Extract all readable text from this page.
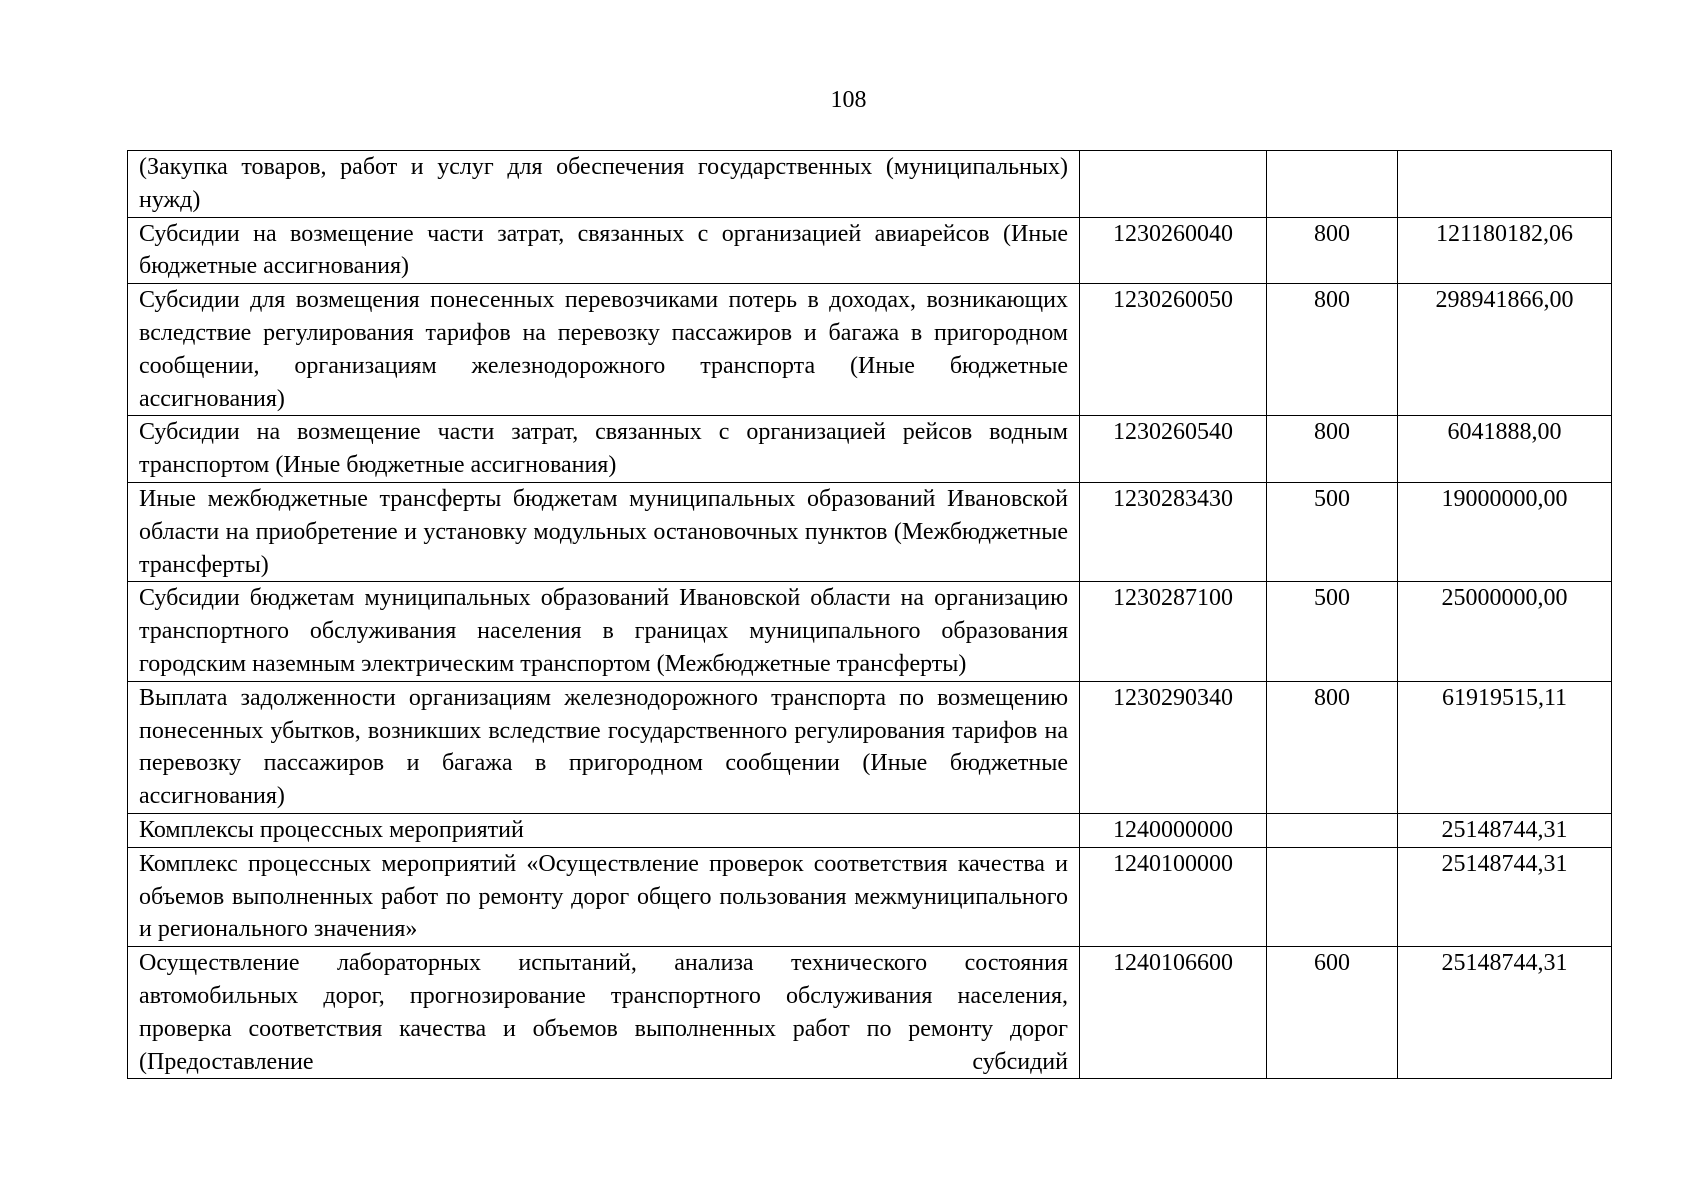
108
(Закупка товаров, работ и услуг для обеспечения государственных (муниципальных) нужд)			
Субсидии на возмещение части затрат, связанных с организацией авиарейсов (Иные бюджетные ассигнования)	1230260040	800	121180182,06
Субсидии для возмещения понесенных перевозчиками потерь в доходах, возникающих вследствие регулирования тарифов на перевозку пассажиров и багажа в пригородном сообщении, организациям железнодорожного транспорта (Иные бюджетные ассигнования)	1230260050	800	298941866,00
Субсидии на возмещение части затрат, связанных с организацией рейсов водным транспортом (Иные бюджетные ассигнования)	1230260540	800	6041888,00
Иные межбюджетные трансферты бюджетам муниципальных образований Ивановской области на приобретение и установку модульных остановочных пунктов (Межбюджетные трансферты)	1230283430	500	19000000,00
Субсидии бюджетам муниципальных образований Ивановской области на организацию транспортного обслуживания населения в границах муниципального образования городским наземным электрическим транспортом (Межбюджетные трансферты)	1230287100	500	25000000,00
Выплата задолженности организациям железнодорожного транспорта по возмещению понесенных убытков, возникших вследствие государственного регулирования тарифов на перевозку пассажиров и багажа в пригородном сообщении (Иные бюджетные ассигнования)	1230290340	800	61919515,11
Комплексы процессных мероприятий	1240000000		25148744,31
Комплекс процессных мероприятий «Осуществление проверок соответствия качества и объемов выполненных работ по ремонту дорог общего пользования межмуниципального и регионального значения»	1240100000		25148744,31
Осуществление лабораторных испытаний, анализа технического состояния автомобильных дорог, прогнозирование транспортного обслуживания населения, проверка соответствия качества и объемов выполненных работ по ремонту дорог (Предоставление субсидий	1240106600	600	25148744,31
